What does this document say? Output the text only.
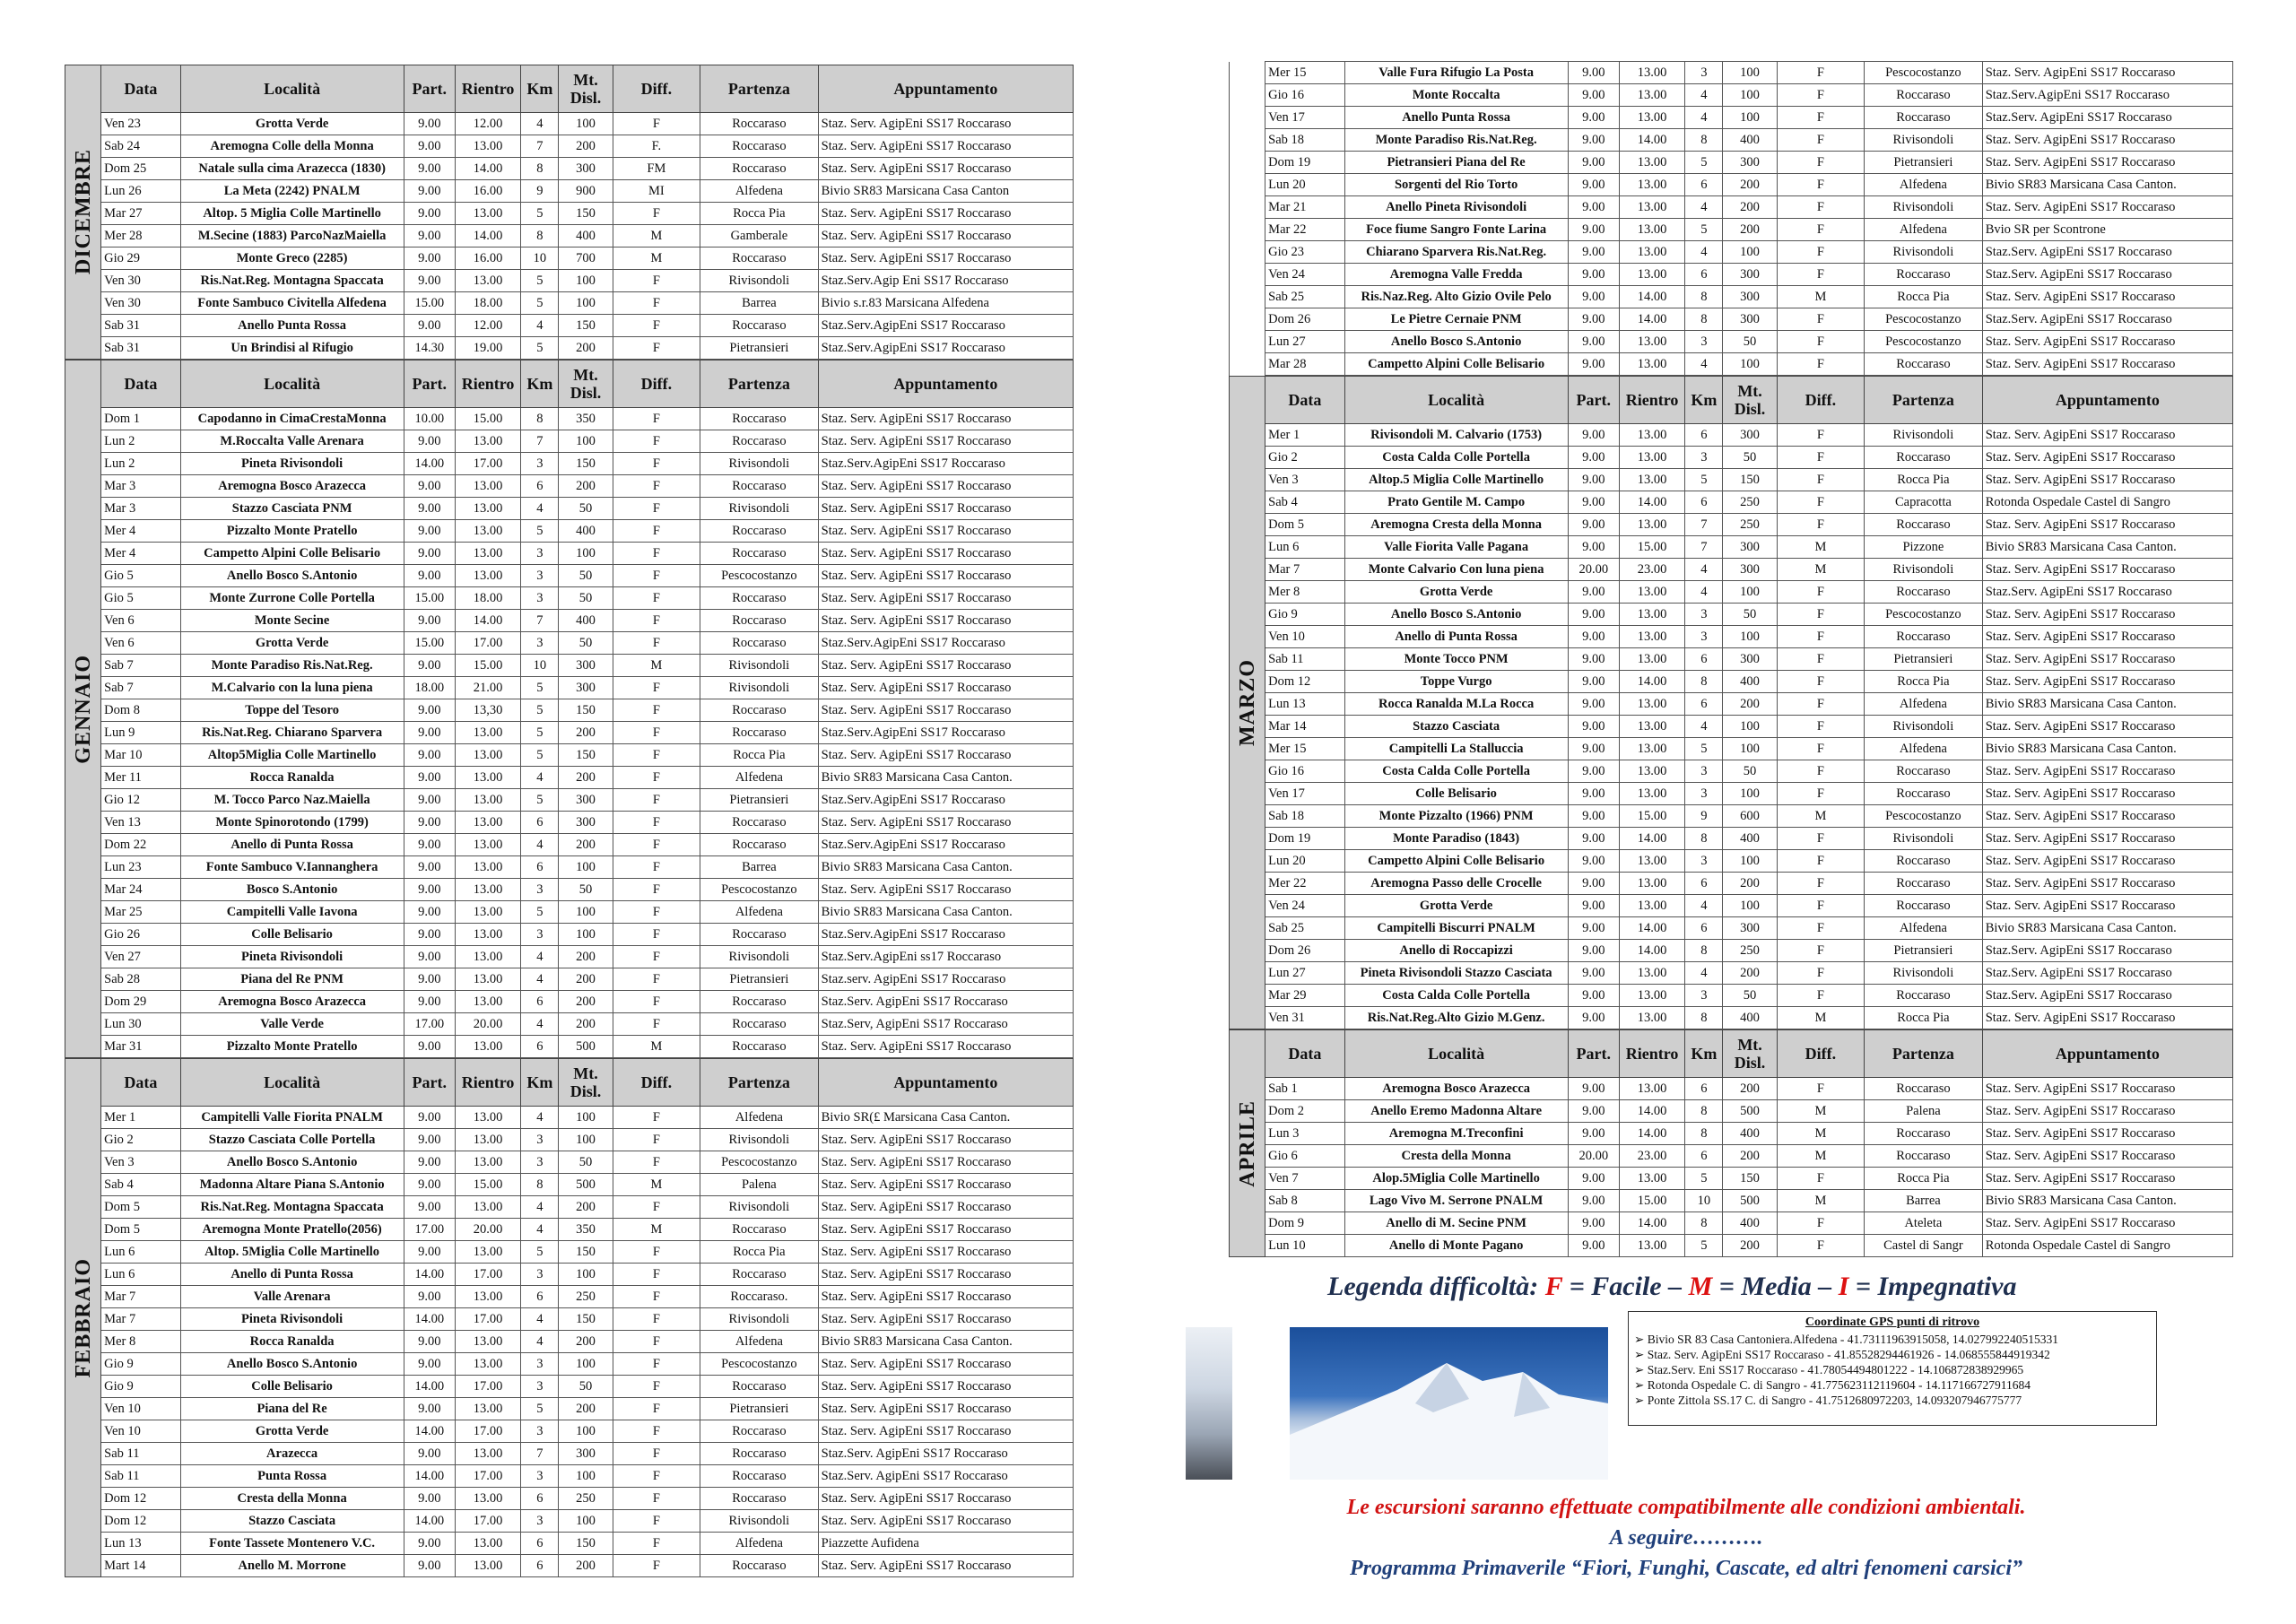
DICEMBRE	Data	Località	Part.	Rientro	Km	Mt. Disl.	Diff.	Partenza	Appuntamento
	Ven 23	Grotta Verde	9.00	12.00	4	100	F	Roccaraso	Staz. Serv. AgipEni SS17 Roccaraso
	Sab 24	Aremogna Colle della Monna	9.00	13.00	7	200	F.	Roccaraso	Staz. Serv. AgipEni SS17 Roccaraso
	Dom 25	Natale sulla cima Arazecca (1830)	9.00	14.00	8	300	FM	Roccaraso	Staz. Serv. AgipEni SS17 Roccaraso
	Lun 26	La Meta (2242) PNALM	9.00	16.00	9	900	MI	Alfedena	Bivio SR83 Marsicana Casa Canton
	Mar 27	Altop. 5 Miglia Colle Martinello	9.00	13.00	5	150	F	Rocca Pia	Staz. Serv. AgipEni SS17 Roccaraso
	Mer 28	M.Secine (1883) ParcoNazMaiella	9.00	14.00	8	400	M	Gamberale	Staz. Serv. AgipEni SS17 Roccaraso
	Gio 29	Monte Greco (2285)	9.00	16.00	10	700	M	Roccaraso	Staz. Serv. AgipEni SS17 Roccaraso
	Ven 30	Ris.Nat.Reg. Montagna Spaccata	9.00	13.00	5	100	F	Rivisondoli	Staz.Serv.Agip Eni SS17 Roccaraso
	Ven 30	Fonte Sambuco Civitella Alfedena	15.00	18.00	5	100	F	Barrea	Bivio s.r.83 Marsicana Alfedena
	Sab 31	Anello Punta Rossa	9.00	12.00	4	150	F	Roccaraso	Staz.Serv.AgipEni SS17 Roccaraso
	Sab 31	Un Brindisi al Rifugio	14.30	19.00	5	200	F	Pietransieri	Staz.Serv.AgipEni SS17 Roccaraso
GENNAIO	Data	Località	Part.	Rientro	Km	Mt. Disl.	Diff.	Partenza	Appuntamento
	Dom 1	Capodanno in CimaCrestaMonna	10.00	15.00	8	350	F	Roccaraso	Staz. Serv. AgipEni SS17 Roccaraso
	Lun 2	M.Roccalta Valle Arenara	9.00	13.00	7	100	F	Roccaraso	Staz. Serv. AgipEni SS17 Roccaraso
	Lun 2	Pineta Rivisondoli	14.00	17.00	3	150	F	Rivisondoli	Staz.Serv.AgipEni SS17 Roccaraso
	Mar 3	Aremogna Bosco Arazecca	9.00	13.00	6	200	F	Roccaraso	Staz. Serv. AgipEni SS17 Roccaraso
	Mar 3	Stazzo Casciata PNM	9.00	13.00	4	50	F	Rivisondoli	Staz. Serv. AgipEni SS17 Roccaraso
	Mer 4	Pizzalto Monte Pratello	9.00	13.00	5	400	F	Roccaraso	Staz. Serv. AgipEni SS17 Roccaraso
	Mer 4	Campetto Alpini Colle Belisario	9.00	13.00	3	100	F	Roccaraso	Staz. Serv. AgipEni SS17 Roccaraso
	Gio 5	Anello Bosco S.Antonio	9.00	13.00	3	50	F	Pescocostanzo	Staz. Serv. AgipEni SS17 Roccaraso
	Gio 5	Monte Zurrone Colle Portella	15.00	18.00	3	50	F	Roccaraso	Staz. Serv. AgipEni SS17 Roccaraso
	Ven 6	Monte Secine	9.00	14.00	7	400	F	Roccaraso	Staz. Serv. AgipEni SS17 Roccaraso
	Ven 6	Grotta Verde	15.00	17.00	3	50	F	Roccaraso	Staz.Serv.AgipEni SS17 Roccaraso
	Sab 7	Monte Paradiso Ris.Nat.Reg.	9.00	15.00	10	300	M	Rivisondoli	Staz. Serv. AgipEni SS17 Roccaraso
	Sab 7	M.Calvario con la luna piena	18.00	21.00	5	300	F	Rivisondoli	Staz. Serv. AgipEni SS17 Roccaraso
	Dom 8	Toppe del Tesoro	9.00	13,30	5	150	F	Roccaraso	Staz. Serv. AgipEni SS17 Roccaraso
	Lun 9	Ris.Nat.Reg. Chiarano Sparvera	9.00	13.00	5	200	F	Roccaraso	Staz.Serv.AgipEni SS17 Roccaraso
	Mar 10	Altop5Miglia Colle Martinello	9.00	13.00	5	150	F	Rocca Pia	Staz. Serv. AgipEni SS17 Roccaraso
	Mer 11	Rocca Ranalda	9.00	13.00	4	200	F	Alfedena	Bivio SR83 Marsicana Casa Canton.
	Gio 12	M. Tocco Parco Naz.Maiella	9.00	13.00	5	300	F	Pietransieri	Staz.Serv.AgipEni SS17 Roccaraso
	Ven 13	Monte Spinorotondo (1799)	9.00	13.00	6	300	F	Roccaraso	Staz. Serv. AgipEni SS17 Roccaraso
	Dom 22	Anello di Punta Rossa	9.00	13.00	4	200	F	Roccaraso	Staz.Serv.AgipEni SS17 Roccaraso
	Lun 23	Fonte Sambuco V.Iannanghera	9.00	13.00	6	100	F	Barrea	Bivio SR83 Marsicana Casa Canton.
	Mar 24	Bosco S.Antonio	9.00	13.00	3	50	F	Pescocostanzo	Staz. Serv. AgipEni SS17 Roccaraso
	Mar 25	Campitelli Valle Iavona	9.00	13.00	5	100	F	Alfedena	Bivio SR83 Marsicana Casa Canton.
	Gio 26	Colle Belisario	9.00	13.00	3	100	F	Roccaraso	Staz.Serv.AgipEni SS17 Roccaraso
	Ven 27	Pineta Rivisondoli	9.00	13.00	4	200	F	Rivisondoli	Staz.Serv.AgipEni ss17 Roccaraso
	Sab 28	Piana del Re PNM	9.00	13.00	4	200	F	Pietransieri	Staz.serv. AgipEni SS17 Roccaraso
	Dom 29	Aremogna Bosco Arazecca	9.00	13.00	6	200	F	Roccaraso	Staz.Serv. AgipEni SS17 Roccaraso
	Lun 30	Valle Verde	17.00	20.00	4	200	F	Roccaraso	Staz.Serv, AgipEni SS17 Roccaraso
	Mar 31	Pizzalto Monte Pratello	9.00	13.00	6	500	M	Roccaraso	Staz. Serv. AgipEni SS17 Roccaraso
FEBBRAIO	Data	Località	Part.	Rientro	Km	Mt. Disl.	Diff.	Partenza	Appuntamento
	Mer 1	Campitelli Valle Fiorita PNALM	9.00	13.00	4	100	F	Alfedena	Bivio SR(£ Marsicana Casa Canton.
	Gio 2	Stazzo Casciata Colle Portella	9.00	13.00	3	100	F	Rivisondoli	Staz. Serv. AgipEni SS17 Roccaraso
	Ven 3	Anello Bosco S.Antonio	9.00	13.00	3	50	F	Pescocostanzo	Staz. Serv. AgipEni SS17 Roccaraso
	Sab 4	Madonna Altare Piana S.Antonio	9.00	15.00	8	500	M	Palena	Staz. Serv. AgipEni SS17 Roccaraso
	Dom 5	Ris.Nat.Reg. Montagna Spaccata	9.00	13.00	4	200	F	Rivisondoli	Staz. Serv. AgipEni SS17 Roccaraso
	Dom 5	Aremogna Monte Pratello(2056)	17.00	20.00	4	350	M	Roccaraso	Staz. Serv. AgipEni SS17 Roccaraso
	Lun 6	Altop. 5Miglia Colle Martinello	9.00	13.00	5	150	F	Rocca Pia	Staz. Serv. AgipEni SS17 Roccaraso
	Lun 6	Anello di Punta Rossa	14.00	17.00	3	100	F	Roccaraso	Staz. Serv. AgipEni SS17 Roccaraso
	Mar 7	Valle Arenara	9.00	13.00	6	250	F	Roccaraso.	Staz. Serv. AgipEni SS17 Roccaraso
	Mar 7	Pineta Rivisondoli	14.00	17.00	4	150	F	Rivisondoli	Staz. Serv. AgipEni SS17 Roccaraso
	Mer 8	Rocca Ranalda	9.00	13.00	4	200	F	Alfedena	Bivio SR83 Marsicana Casa Canton.
	Gio 9	Anello Bosco S.Antonio	9.00	13.00	3	100	F	Pescocostanzo	Staz. Serv. AgipEni SS17 Roccaraso
	Gio 9	Colle Belisario	14.00	17.00	3	50	F	Roccaraso	Staz. Serv. AgipEni SS17 Roccaraso
	Ven 10	Piana del Re	9.00	13.00	5	200	F	Pietransieri	Staz. Serv. AgipEni SS17 Roccaraso
	Ven 10	Grotta Verde	14.00	17.00	3	100	F	Roccaraso	Staz. Serv. AgipEni SS17 Roccaraso
	Sab 11	Arazecca	9.00	13.00	7	300	F	Roccaraso	Staz.Serv. AgipEni SS17 Roccaraso
	Sab 11	Punta Rossa	14.00	17.00	3	100	F	Roccaraso	Staz.Serv. AgipEni SS17 Roccaraso
	Dom 12	Cresta della Monna	9.00	13.00	6	250	F	Roccaraso	Staz. Serv. AgipEni SS17 Roccaraso
	Dom 12	Stazzo Casciata	14.00	17.00	3	100	F	Rivisondoli	Staz. Serv. AgipEni SS17 Roccaraso
	Lun 13	Fonte Tassete Montenero V.C.	9.00	13.00	6	150	F	Alfedena	Piazzette Aufidena
	Mart 14	Anello M. Morrone	9.00	13.00	6	200	F	Roccaraso	Staz. Serv. AgipEni SS17 Roccaraso
	Mer 15	Valle Fura Rifugio La Posta	9.00	13.00	3	100	F	Pescocostanzo	Staz. Serv. AgipEni SS17 Roccaraso
	Gio 16	Monte Roccalta	9.00	13.00	4	100	F	Roccaraso	Staz.Serv.AgipEni SS17 Roccaraso
	Ven 17	Anello Punta Rossa	9.00	13.00	4	100	F	Roccaraso	Staz.Serv. AgipEni SS17 Roccaraso
	Sab 18	Monte Paradiso Ris.Nat.Reg.	9.00	14.00	8	400	F	Rivisondoli	Staz. Serv. AgipEni SS17 Roccaraso
	Dom 19	Pietransieri Piana del Re	9.00	13.00	5	300	F	Pietransieri	Staz. Serv. AgipEni SS17 Roccaraso
	Lun 20	Sorgenti del Rio Torto	9.00	13.00	6	200	F	Alfedena	Bivio SR83 Marsicana Casa Canton.
	Mar 21	Anello Pineta Rivisondoli	9.00	13.00	4	200	F	Rivisondoli	Staz. Serv. AgipEni SS17 Roccaraso
	Mar 22	Foce fiume Sangro Fonte Larina	9.00	13.00	5	200	F	Alfedena	Bvio SR per Scontrone
	Gio 23	Chiarano Sparvera Ris.Nat.Reg.	9.00	13.00	4	100	F	Rivisondoli	Staz.Serv. AgipEni SS17 Roccaraso
	Ven 24	Aremogna Valle Fredda	9.00	13.00	6	300	F	Roccaraso	Staz.Serv. AgipEni SS17 Roccaraso
	Sab 25	Ris.Naz.Reg. Alto Gizio Ovile Pelo	9.00	14.00	8	300	M	Rocca Pia	Staz. Serv. AgipEni SS17 Roccaraso
	Dom 26	Le Pietre Cernaie PNM	9.00	14.00	8	300	F	Pescocostanzo	Staz.Serv. AgipEni SS17 Roccaraso
	Lun 27	Anello Bosco S.Antonio	9.00	13.00	3	50	F	Pescocostanzo	Staz. Serv. AgipEni SS17 Roccaraso
	Mar 28	Campetto Alpini Colle Belisario	9.00	13.00	4	100	F	Roccaraso	Staz. Serv. AgipEni SS17 Roccaraso
MARZO	Data	Località	Part.	Rientro	Km	Mt. Disl.	Diff.	Partenza	Appuntamento
	Mer 1	Rivisondoli M. Calvario (1753)	9.00	13.00	6	300	F	Rivisondoli	Staz. Serv. AgipEni SS17 Roccaraso
	Gio 2	Costa Calda Colle Portella	9.00	13.00	3	50	F	Roccaraso	Staz. Serv. AgipEni SS17 Roccaraso
	Ven 3	Altop.5 Miglia Colle Martinello	9.00	13.00	5	150	F	Rocca Pia	Staz. Serv. AgipEni SS17 Roccaraso
	Sab 4	Prato Gentile M. Campo	9.00	14.00	6	250	F	Capracotta	Rotonda Ospedale Castel di Sangro
	Dom 5	Aremogna Cresta della Monna	9.00	13.00	7	250	F	Roccaraso	Staz. Serv. AgipEni SS17 Roccaraso
	Lun 6	Valle Fiorita Valle Pagana	9.00	15.00	7	300	M	Pizzone	Bivio SR83 Marsicana Casa Canton.
	Mar 7	Monte Calvario Con luna piena	20.00	23.00	4	300	M	Rivisondoli	Staz. Serv. AgipEni SS17 Roccaraso
	Mer 8	Grotta Verde	9.00	13.00	4	100	F	Roccaraso	Staz.Serv. AgipEni SS17 Roccaraso
	Gio 9	Anello Bosco S.Antonio	9.00	13.00	3	50	F	Pescocostanzo	Staz. Serv. AgipEni SS17 Roccaraso
	Ven 10	Anello di Punta Rossa	9.00	13.00	3	100	F	Roccaraso	Staz. Serv. AgipEni SS17 Roccaraso
	Sab 11	Monte Tocco PNM	9.00	13.00	6	300	F	Pietransieri	Staz. Serv. AgipEni SS17 Roccaraso
	Dom 12	Toppe Vurgo	9.00	14.00	8	400	F	Rocca Pia	Staz. Serv. AgipEni SS17 Roccaraso
	Lun 13	Rocca Ranalda M.La Rocca	9.00	13.00	6	200	F	Alfedena	Bivio SR83 Marsicana Casa Canton.
	Mar 14	Stazzo Casciata	9.00	13.00	4	100	F	Rivisondoli	Staz. Serv. AgipEni SS17 Roccaraso
	Mer 15	Campitelli La Stalluccia	9.00	13.00	5	100	F	Alfedena	Bivio SR83 Marsicana Casa Canton.
	Gio 16	Costa Calda Colle Portella	9.00	13.00	3	50	F	Roccaraso	Staz. Serv. AgipEni SS17 Roccaraso
	Ven 17	Colle Belisario	9.00	13.00	3	100	F	Roccaraso	Staz. Serv. AgipEni SS17 Roccaraso
	Sab 18	Monte Pizzalto (1966) PNM	9.00	15.00	9	600	M	Pescocostanzo	Staz. Serv. AgipEni SS17 Roccaraso
	Dom 19	Monte Paradiso (1843)	9.00	14.00	8	400	F	Rivisondoli	Staz. Serv. AgipEni SS17 Roccaraso
	Lun 20	Campetto Alpini Colle Belisario	9.00	13.00	3	100	F	Roccaraso	Staz. Serv. AgipEni SS17 Roccaraso
	Mer 22	Aremogna Passo delle Crocelle	9.00	13.00	6	200	F	Roccaraso	Staz. Serv. AgipEni SS17 Roccaraso
	Ven 24	Grotta Verde	9.00	13.00	4	100	F	Roccaraso	Staz. Serv. AgipEni SS17 Roccaraso
	Sab 25	Campitelli Biscurri PNALM	9.00	14.00	6	300	F	Alfedena	Bivio SR83 Marsicana Casa Canton.
	Dom 26	Anello di Roccapizzi	9.00	14.00	8	250	F	Pietransieri	Staz.Serv. AgipEni SS17 Roccaraso
	Lun 27	Pineta Rivisondoli Stazzo Casciata	9.00	13.00	4	200	F	Rivisondoli	Staz.Serv. AgipEni SS17 Roccaraso
	Mar 29	Costa Calda Colle Portella	9.00	13.00	3	50	F	Roccaraso	Staz.Serv. AgipEni SS17 Roccaraso
	Ven 31	Ris.Nat.Reg.Alto Gizio M.Genz.	9.00	13.00	8	400	M	Rocca Pia	Staz. Serv. AgipEni SS17 Roccaraso
APRILE	Data	Località	Part.	Rientro	Km	Mt. Disl.	Diff.	Partenza	Appuntamento
	Sab 1	Aremogna Bosco Arazecca	9.00	13.00	6	200	F	Roccaraso	Staz. Serv. AgipEni SS17 Roccaraso
	Dom 2	Anello Eremo Madonna Altare	9.00	14.00	8	500	M	Palena	Staz. Serv. AgipEni SS17 Roccaraso
	Lun 3	Aremogna M.Treconfini	9.00	14.00	8	400	M	Roccaraso	Staz. Serv. AgipEni SS17 Roccaraso
	Gio 6	Cresta della Monna	20.00	23.00	6	200	M	Roccaraso	Staz. Serv. AgipEni SS17 Roccaraso
	Ven 7	Alop.5Miglia Colle Martinello	9.00	13.00	5	150	F	Rocca Pia	Staz. Serv. AgipEni SS17 Roccaraso
	Sab 8	Lago Vivo M. Serrone PNALM	9.00	15.00	10	500	M	Barrea	Bivio SR83 Marsicana Casa Canton.
	Dom 9	Anello di M. Secine PNM	9.00	14.00	8	400	F	Ateleta	Staz. Serv. AgipEni SS17 Roccaraso
	Lun 10	Anello di Monte Pagano	9.00	13.00	5	200	F	Castel di Sangr	Rotonda Ospedale Castel di Sangro
Legenda difficoltà: F = Facile – M = Media – I = Impegnativa
Coordinate GPS punti di ritrovo
➢ Bivio SR 83 Casa Cantoniera.Alfedena - 41.73111963915058, 14.027992240515331
➢ Staz. Serv. AgipEni SS17 Roccaraso - 41.85528294461926 - 14.068555844919342
➢ Staz.Serv. Eni SS17 Roccaraso - 41.78054494801222 - 14.106872838929965
➢ Rotonda Ospedale C. di Sangro - 41.775623112119604 - 14.117166727911684
➢ Ponte Zittola SS.17 C. di Sangro - 41.7512680972203, 14.093207946775777
Le escursioni saranno effettuate compatibilmente alle condizioni ambientali.
A seguire……….
Programma Primaverile “Fiori, Funghi, Cascate, ed altri fenomeni carsici”
